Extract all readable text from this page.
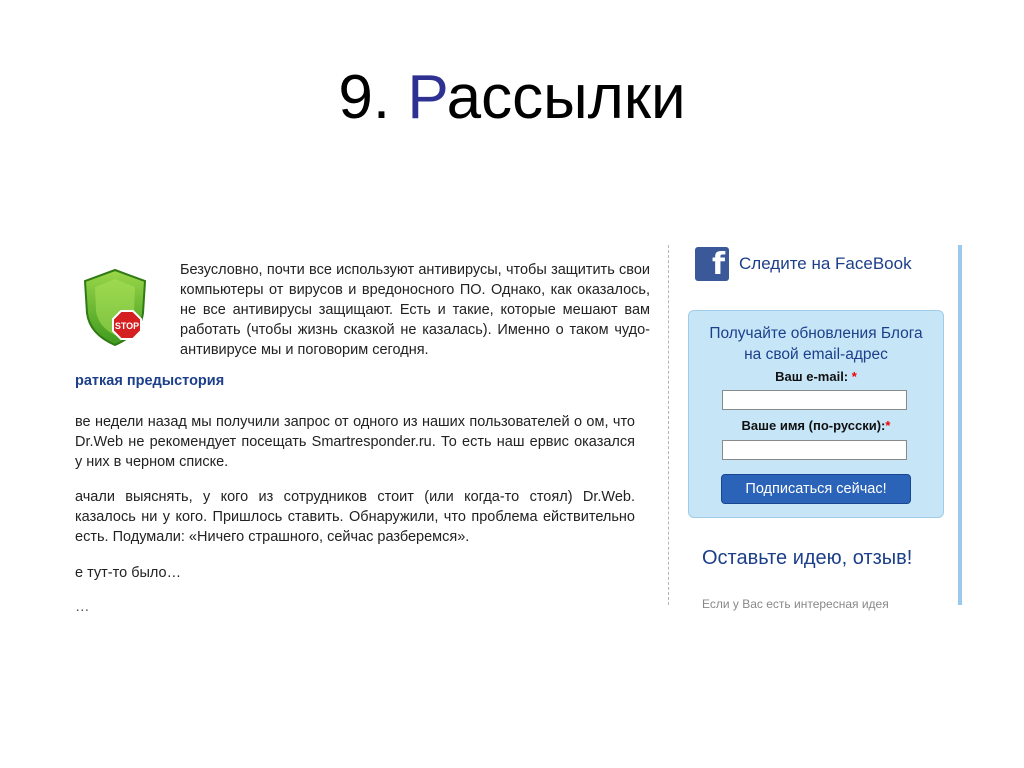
9. Рассылки
STOP
Безусловно, почти все используют антивирусы, чтобы защитить свои компьютеры от вирусов и вредоносного ПО. Однако, как оказалось, не все антивирусы защищают. Есть и такие, которые мешают вам работать (чтобы жизнь сказкой не казалась). Именно о таком чудо-антивирусе мы и поговорим сегодня.
раткая предыстория
ве недели назад мы получили запрос от одного из наших пользователей о ом, что Dr.Web не рекомендует посещать Smartresponder.ru. То есть наш ервис оказался у них в черном списке.
ачали выяснять, у кого из сотрудников стоит (или когда-то стоял) Dr.Web. казалось ни у кого. Пришлось ставить. Обнаружили, что проблема ействительно есть. Подумали: «Ничего страшного, сейчас разберемся».
е тут-то было…
…
f Следите на FaceBook
Получайте обновления Блога
на свой email-адрес
Ваш e-mail: *
Ваше имя (по-русски):*
Подписаться сейчас!
Оставьте идею, отзыв!
Если у Вас есть интересная идея
